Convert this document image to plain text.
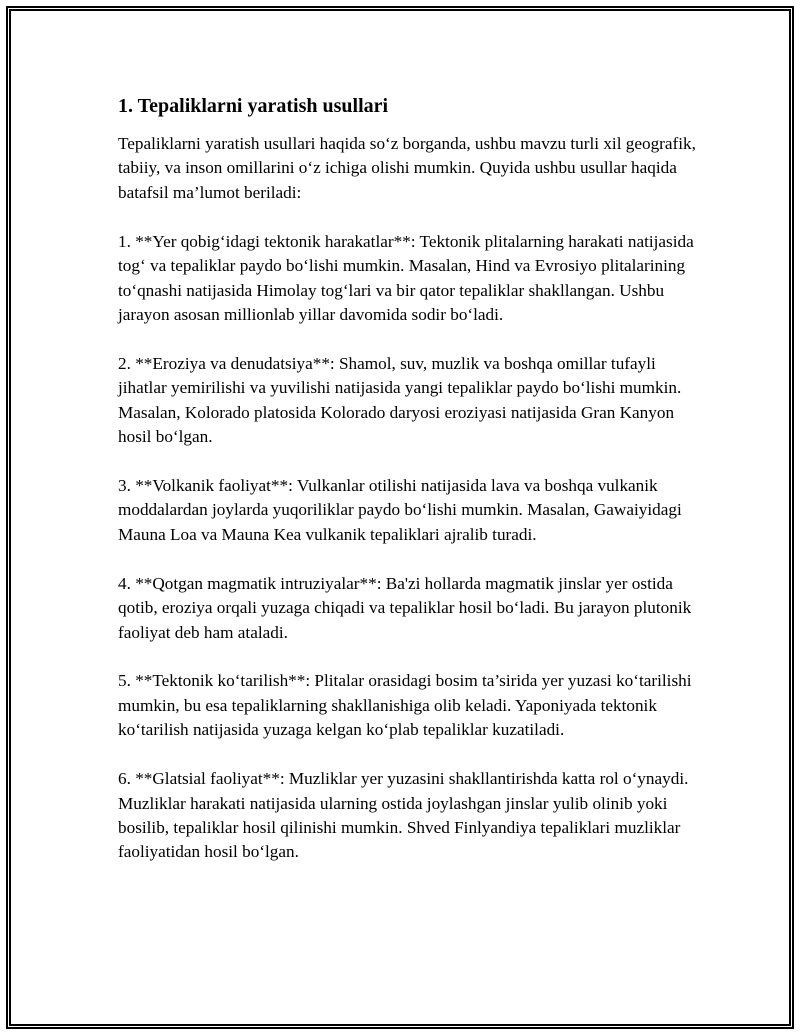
1. Tepaliklarni yaratish usullari

Tepaliklarni yaratish usullari haqida so‘z borganda, ushbu mavzu turli xil geografik, tabiiy, va inson omillarini o‘z ichiga olishi mumkin. Quyida ushbu usullar haqida batafsil ma’lumot beriladi:

1. **Yer qobig‘idagi tektonik harakatlar**: Tektonik plitalarning harakati natijasida tog‘ va tepaliklar paydo bo‘lishi mumkin. Masalan, Hind va Evrosiyo plitalarining to‘qnashi natijasida Himolay tog‘lari va bir qator tepaliklar shakllangan. Ushbu jarayon asosan millionlab yillar davomida sodir bo‘ladi.

2. **Eroziya va denudatsiya**: Shamol, suv, muzlik va boshqa omillar tufayli jihatlar yemirilishi va yuvilishi natijasida yangi tepaliklar paydo bo‘lishi mumkin. Masalan, Kolorado platosida Kolorado daryosi eroziyasi natijasida Gran Kanyon hosil bo‘lgan.

3. **Volkanik faoliyat**: Vulkanlar otilishi natijasida lava va boshqa vulkanik moddalardan joylarda yuqoriliklar paydo bo‘lishi mumkin. Masalan, Gawaiyidagi Mauna Loa va Mauna Kea vulkanik tepaliklari ajralib turadi.

4. **Qotgan magmatik intruziyalar**: Ba'zi hollarda magmatik jinslar yer ostida qotib, eroziya orqali yuzaga chiqadi va tepaliklar hosil bo‘ladi. Bu jarayon plutonik faoliyat deb ham ataladi.

5. **Tektonik ko‘tarilish**: Plitalar orasidagi bosim ta’sirida yer yuzasi ko‘tarilishi mumkin, bu esa tepaliklarning shakllanishiga olib keladi. Yaponiyada tektonik ko‘tarilish natijasida yuzaga kelgan ko‘plab tepaliklar kuzatiladi.

6. **Glatsial faoliyat**: Muzliklar yer yuzasini shakllantirishda katta rol o‘ynaydi. Muzliklar harakati natijasida ularning ostida joylashgan jinslar yulib olinib yoki bosilib, tepaliklar hosil qilinishi mumkin. Shved Finlyandiya tepaliklari muzliklar faoliyatidan hosil bo‘lgan.
